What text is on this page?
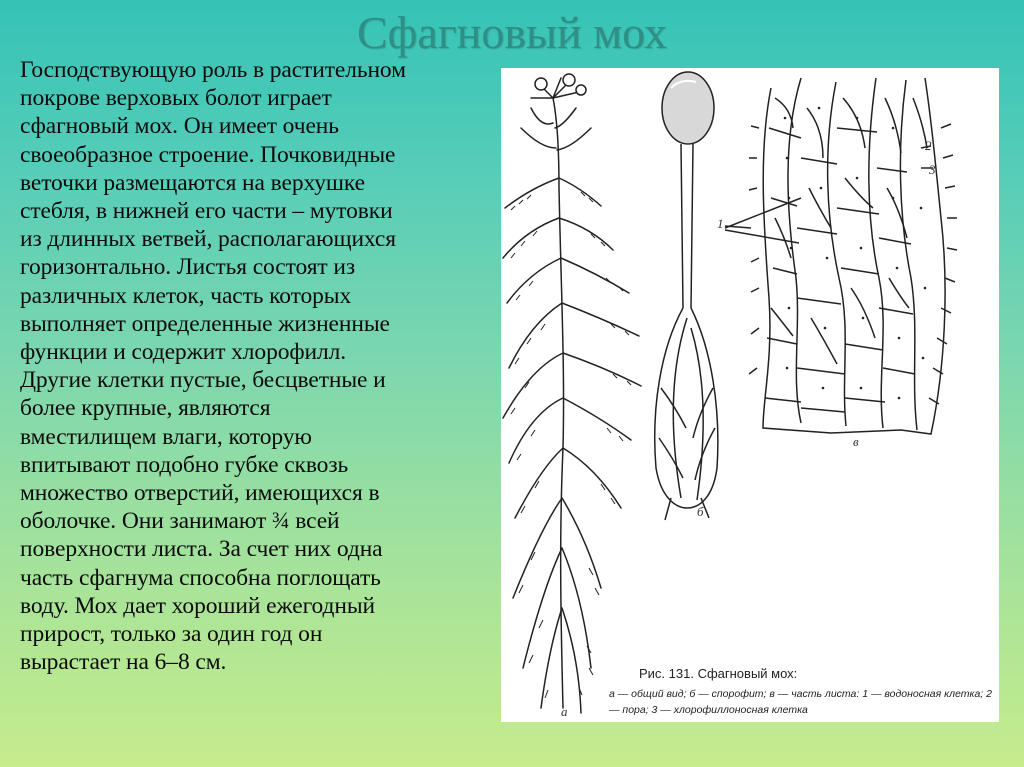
Сфагновый мох
Господствующую роль в растительном
покрове верховых болот играет
сфагновый мох. Он имеет очень
своеобразное строение. Почковидные
веточки размещаются на верхушке
стебля, в нижней его части – мутовки
из длинных ветвей, располагающихся
горизонтально. Листья состоят из
различных клеток, часть которых
выполняет определенные жизненные
функции и содержит хлорофилл.
Другие клетки пустые, бесцветные и
более крупные, являются
вместилищем влаги, которую
впитывают подобно губке сквозь
множество отверстий, имеющихся в
оболочке. Они занимают ¾ всей
поверхности листа. За счет них одна
часть сфагнума способна поглощать
воду. Мох дает хороший ежегодный
прирост, только за один год он
вырастает на 6–8 см.
а
б
в
1
2
3
Рис. 131. Сфагновый мох:
а — общий вид; б — спорофит; в — часть листа: 1 — водоносная клетка; 2 — пора; 3 — хлорофиллоносная клетка
